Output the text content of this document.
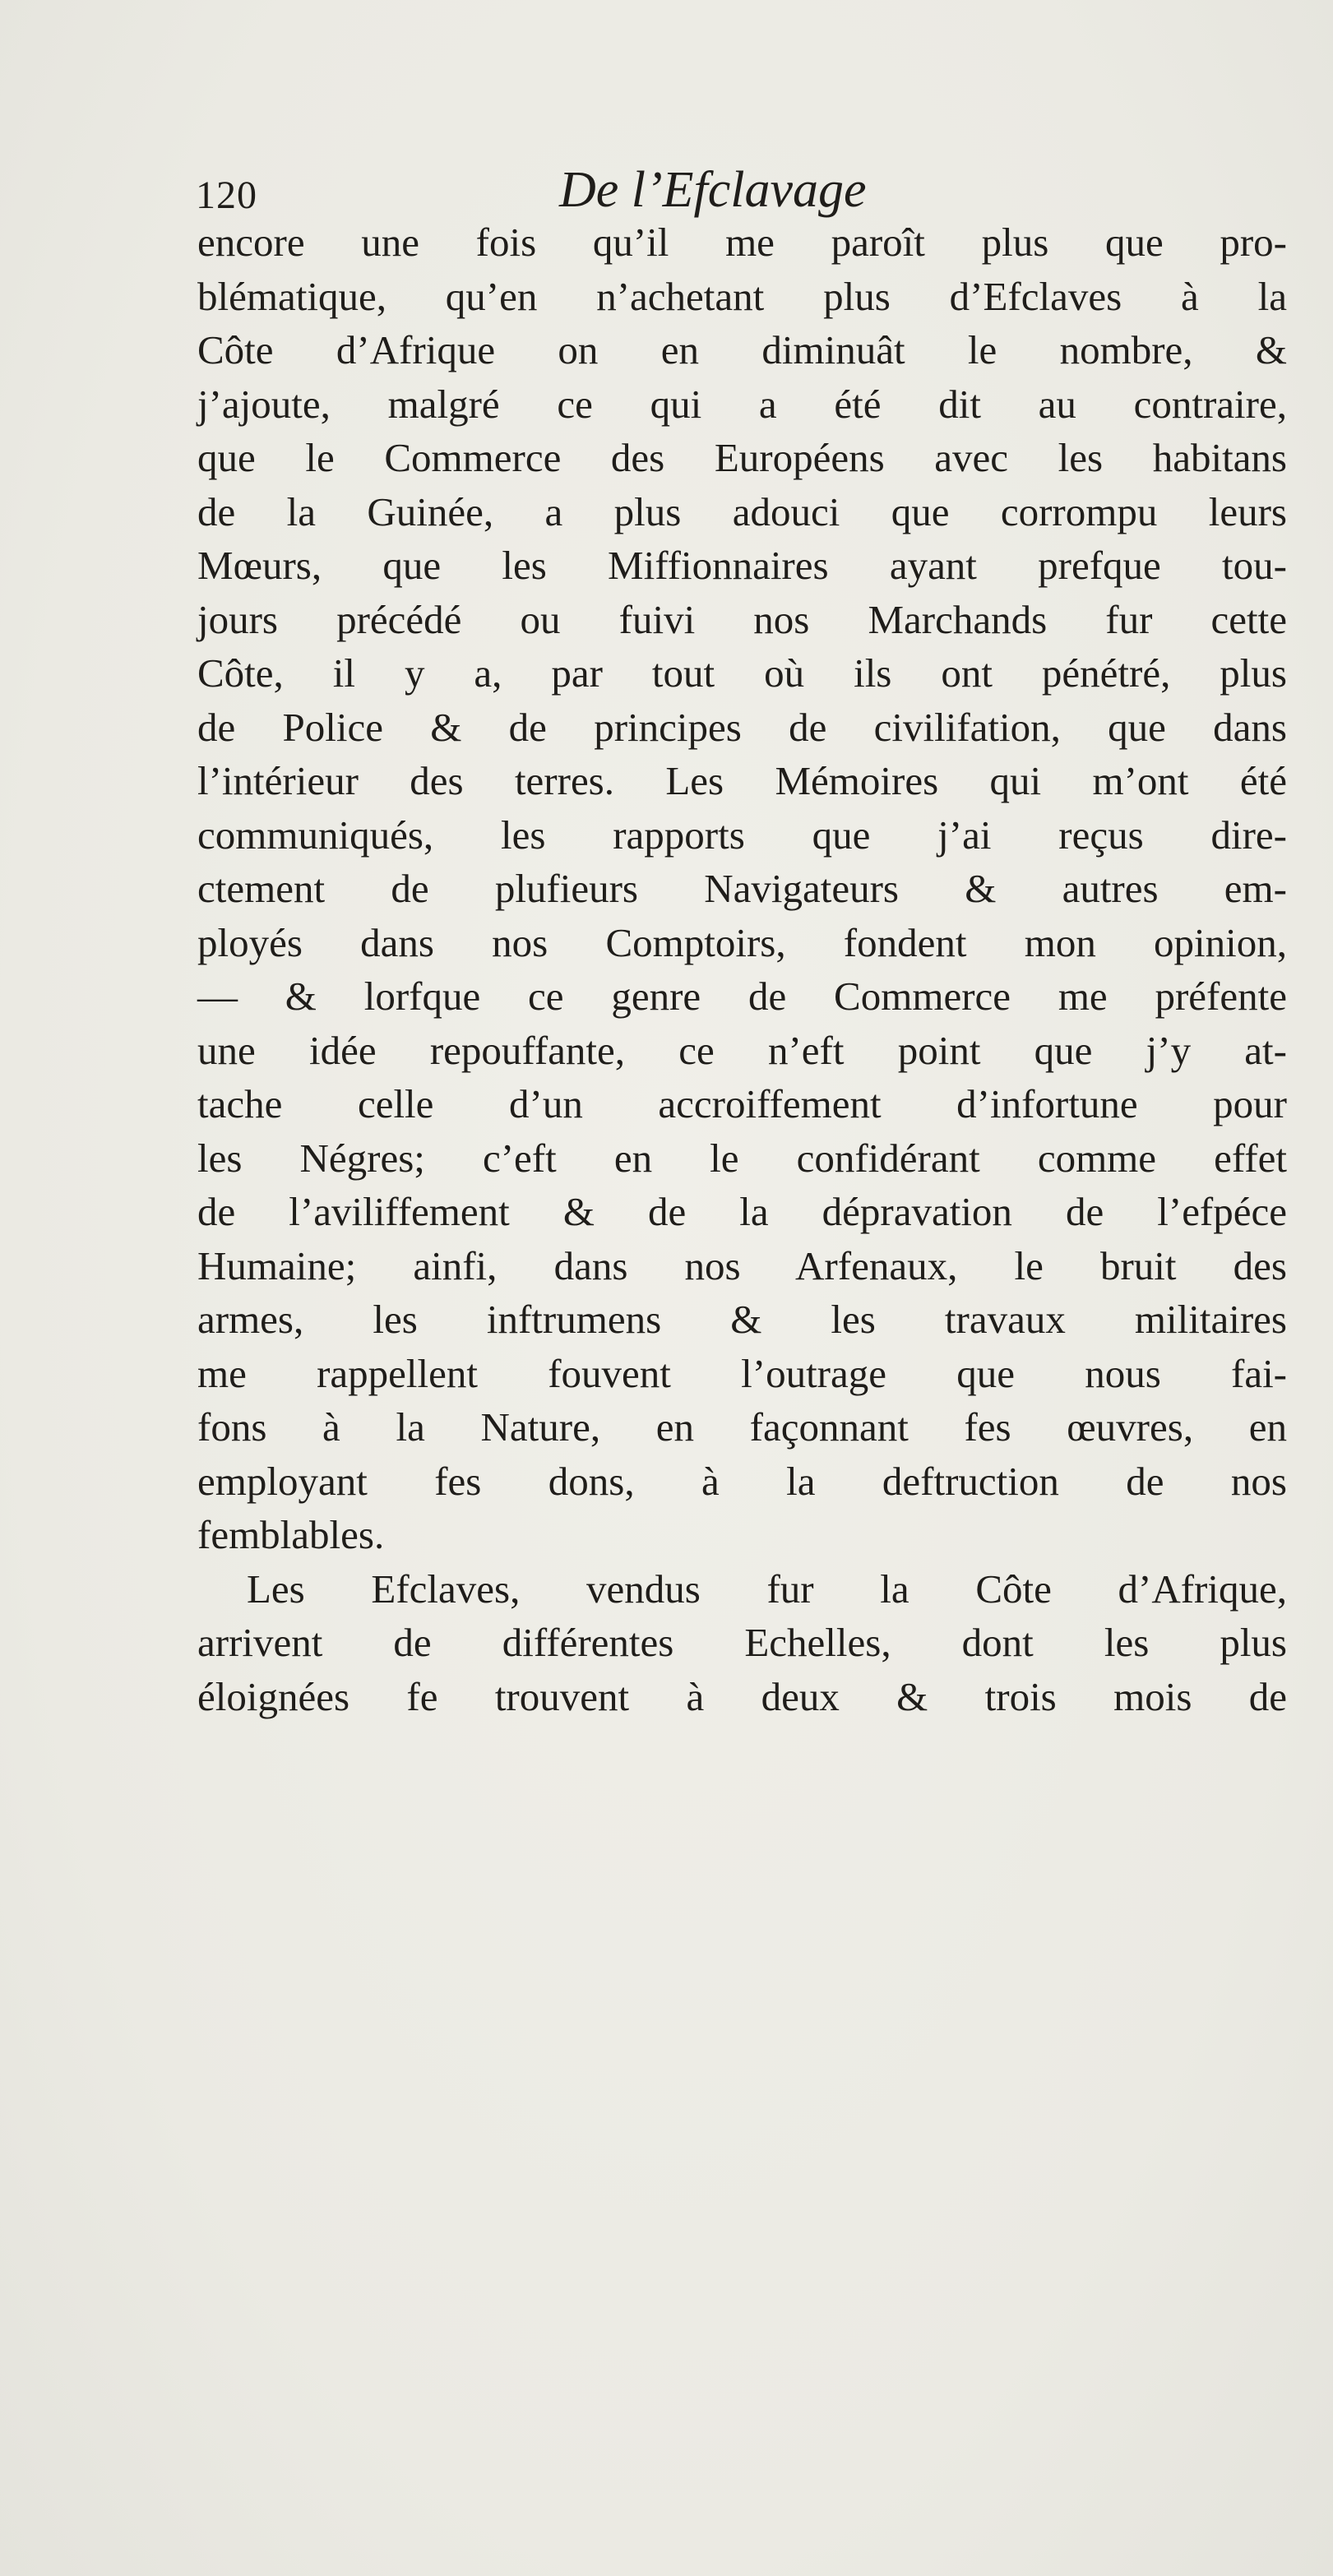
120	De l’Efclavage
encore une fois qu’il me paroît plus que pro-
blématique, qu’en n’achetant plus d’Efclaves à la
Côte d’Afrique on en diminuât le nombre, &
j’ajoute, malgré ce qui a été dit au contraire,
que le Commerce des Européens avec les habitans
de la Guinée, a plus adouci que corrompu leurs
Mœurs, que les Miffionnaires ayant prefque tou-
jours précédé ou fuivi nos Marchands fur cette
Côte, il y a, par tout où ils ont pénétré, plus
de Police & de principes de civilifation, que dans
l’intérieur des terres. Les Mémoires qui m’ont été
communiqués, les rapports que j’ai reçus dire-
ctement de plufieurs Navigateurs & autres em-
ployés dans nos Comptoirs, fondent mon opinion,
— & lorfque ce genre de Commerce me préfente
une idée repouffante, ce n’eft point que j’y at-
tache celle d’un accroiffement d’infortune pour
les Négres; c’eft en le confidérant comme effet
de l’aviliffement & de la dépravation de l’efpéce
Humaine; ainfi, dans nos Arfenaux, le bruit des
armes, les inftrumens & les travaux militaires
me rappellent fouvent l’outrage que nous fai-
fons à la Nature, en façonnant fes œuvres, en
employant fes dons, à la deftruction de nos
femblables.
Les Efclaves, vendus fur la Côte d’Afrique,
arrivent de différentes Echelles, dont les plus
éloignées fe trouvent à deux & trois mois de
